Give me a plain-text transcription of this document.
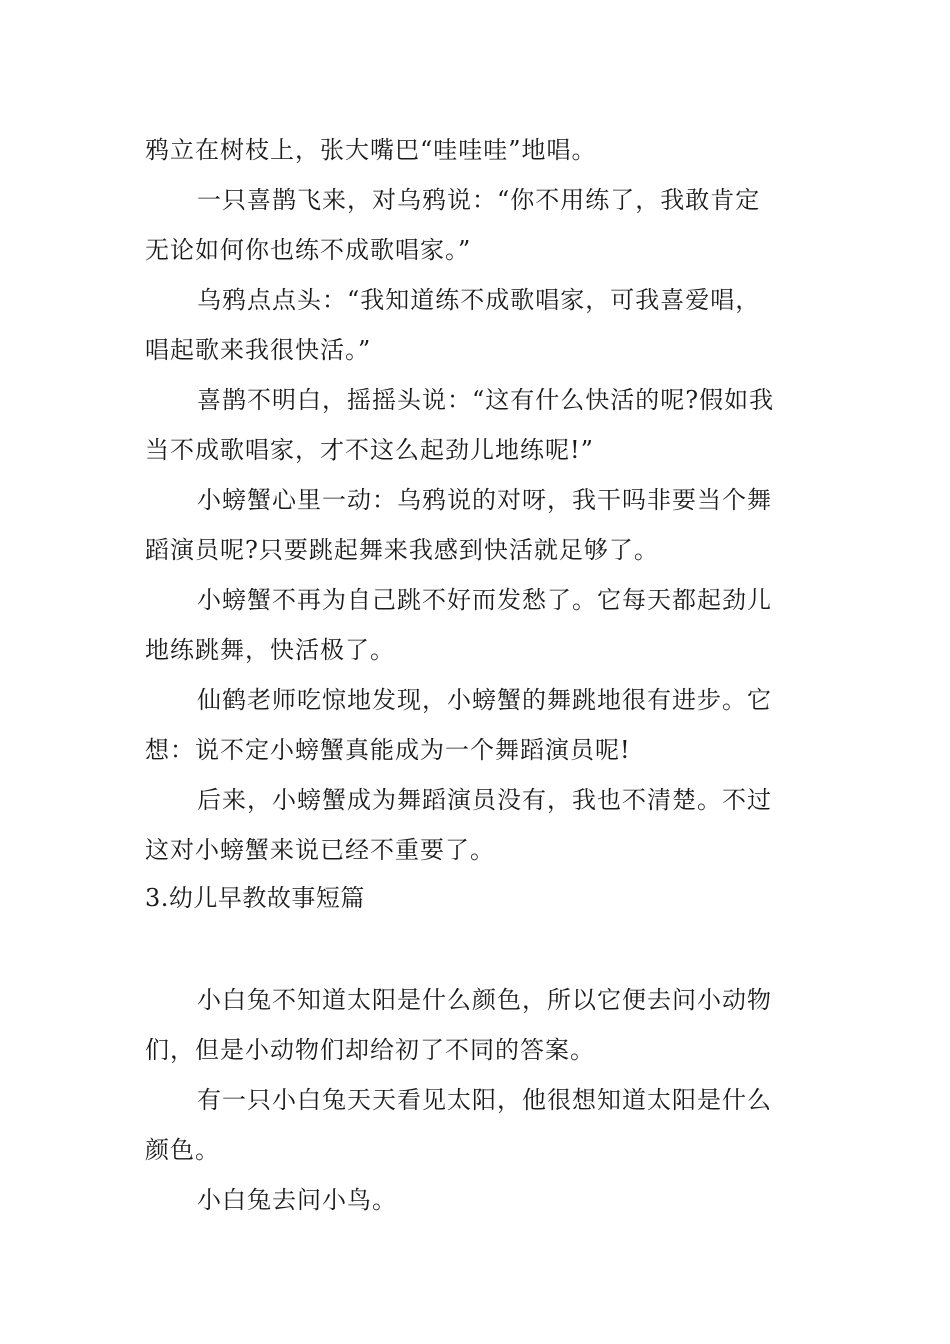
鸦立在树枝上，张大嘴巴“哇哇哇”地唱。
一只喜鹊飞来，对乌鸦说：“你不用练了，我敢肯定
无论如何你也练不成歌唱家。”
乌鸦点点头：“我知道练不成歌唱家，可我喜爱唱，
唱起歌来我很快活。”
喜鹊不明白，摇摇头说：“这有什么快活的呢?假如我
当不成歌唱家，才不这么起劲儿地练呢!”
小螃蟹心里一动：乌鸦说的对呀，我干吗非要当个舞
蹈演员呢?只要跳起舞来我感到快活就足够了。
小螃蟹不再为自己跳不好而发愁了。它每天都起劲儿
地练跳舞，快活极了。
仙鹤老师吃惊地发现，小螃蟹的舞跳地很有进步。它
想：说不定小螃蟹真能成为一个舞蹈演员呢!
后来，小螃蟹成为舞蹈演员没有，我也不清楚。不过
这对小螃蟹来说已经不重要了。
3.幼儿早教故事短篇
小白兔不知道太阳是什么颜色，所以它便去问小动物
们，但是小动物们却给初了不同的答案。
有一只小白兔天天看见太阳，他很想知道太阳是什么
颜色。
小白兔去问小鸟。
